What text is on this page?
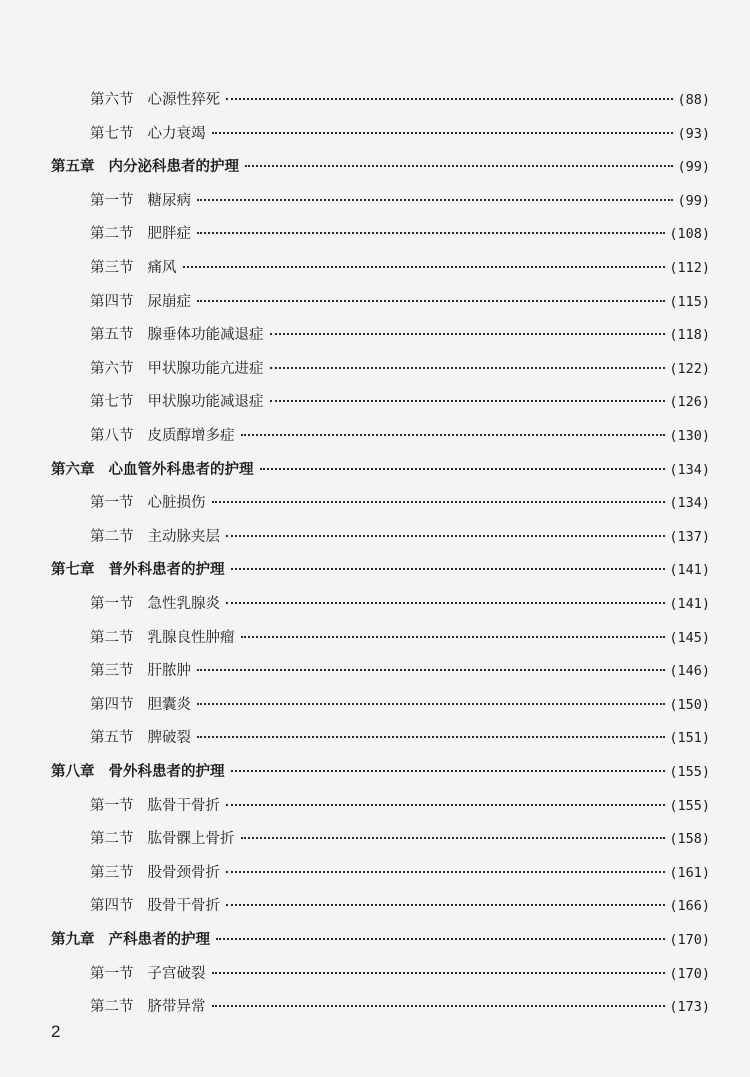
第六节 心源性猝死	(88)
第七节 心力衰竭	(93)
第五章 内分泌科患者的护理	(99)
第一节 糖尿病	(99)
第二节 肥胖症	(108)
第三节 痛风	(112)
第四节 尿崩症	(115)
第五节 腺垂体功能减退症	(118)
第六节 甲状腺功能亢进症	(122)
第七节 甲状腺功能减退症	(126)
第八节 皮质醇增多症	(130)
第六章 心血管外科患者的护理	(134)
第一节 心脏损伤	(134)
第二节 主动脉夹层	(137)
第七章 普外科患者的护理	(141)
第一节 急性乳腺炎	(141)
第二节 乳腺良性肿瘤	(145)
第三节 肝脓肿	(146)
第四节 胆囊炎	(150)
第五节 脾破裂	(151)
第八章 骨外科患者的护理	(155)
第一节 肱骨干骨折	(155)
第二节 肱骨髁上骨折	(158)
第三节 股骨颈骨折	(161)
第四节 股骨干骨折	(166)
第九章 产科患者的护理	(170)
第一节 子宫破裂	(170)
第二节 脐带异常	(173)
2
